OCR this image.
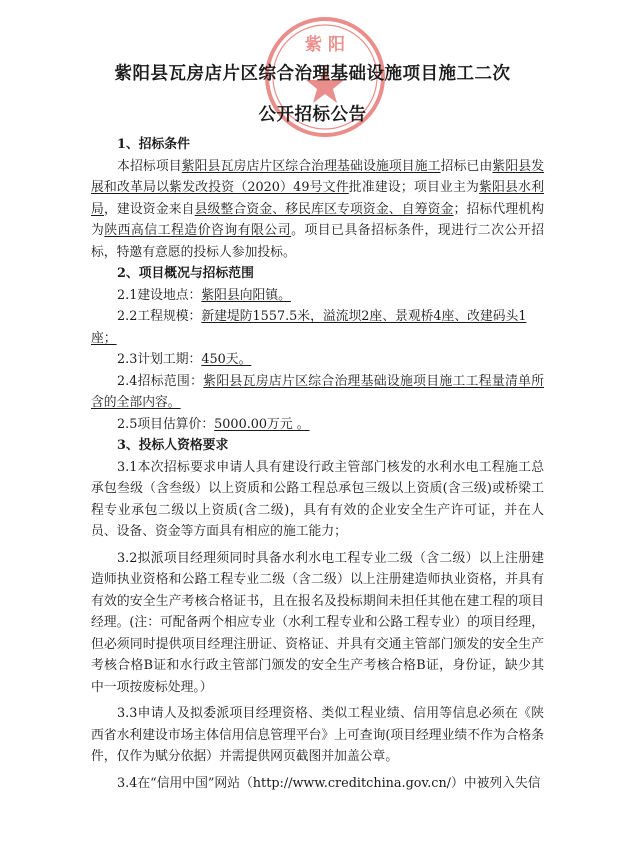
紫 阳
紫阳县瓦房店片区综合治理基础设施项目施工二次
公开招标公告

1、招标条件

本招标项目紫阳县瓦房店片区综合治理基础设施项目施工招标已由紫阳县发展和改革局以紫发改投资（2020）49号文件批准建设；项目业主为紫阳县水利局，建设资金来自县级整合资金、移民库区专项资金、自筹资金；招标代理机构为陕西高信工程造价咨询有限公司。项目已具备招标条件，现进行二次公开招标，特邀有意愿的投标人参加投标。

2、项目概况与招标范围

2.1建设地点：紫阳县向阳镇。

2.2工程规模：新建堤防1557.5米，溢流坝2座、景观桥4座、改建码头1座；

2.3计划工期：450天。

2.4招标范围：紫阳县瓦房店片区综合治理基础设施项目施工工程量清单所含的全部内容。

2.5项目估算价：5000.00万元 。

3、投标人资格要求

3.1本次招标要求申请人具有建设行政主管部门核发的水利水电工程施工总承包叁级（含叁级）以上资质和公路工程总承包三级以上资质(含三级)或桥梁工程专业承包二级以上资质(含二级)，具有有效的企业安全生产许可证，并在人员、设备、资金等方面具有相应的施工能力；

3.2拟派项目经理须同时具备水利水电工程专业二级（含二级）以上注册建造师执业资格和公路工程专业二级（含二级）以上注册建造师执业资格，并具有有效的安全生产考核合格证书，且在报名及投标期间未担任其他在建工程的项目经理。(注：可配备两个相应专业（水利工程专业和公路工程专业）的项目经理，但必须同时提供项目经理注册证、资格证、并具有交通主管部门颁发的安全生产考核合格B证和水行政主管部门颁发的安全生产考核合格B证，身份证，缺少其中一项按废标处理。）

3.3申请人及拟委派项目经理资格、类似工程业绩、信用等信息必须在《陕西省水利建设市场主体信用信息管理平台》上可查询(项目经理业绩不作为合格条件，仅作为赋分依据）并需提供网页截图并加盖公章。

3.4在“信用中国”网站（http://www.creditchina.gov.cn/）中被列入失信
